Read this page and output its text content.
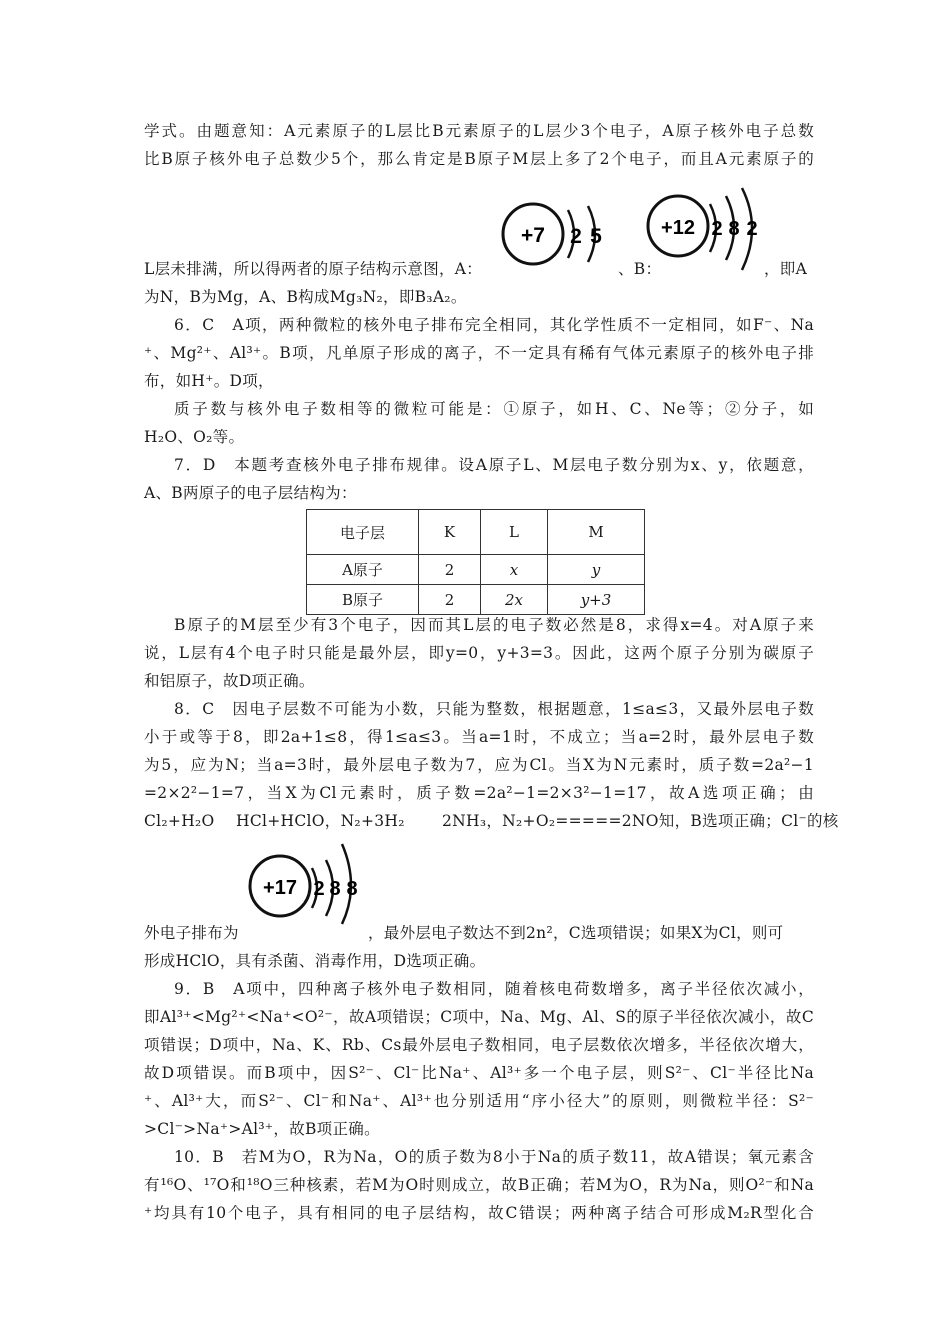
学式。由题意知：A元素原子的L层比B元素原子的L层少3个电子，A原子核外电子总数
比B原子核外电子总数少5个，那么肯定是B原子M层上多了2个电子，而且A元素原子的
+7 2 5	+12 2 8 2
L层未排满，所以得两者的原子结构示意图，A：	、B：	，即A
为N，B为Mg，A、B构成Mg₃N₂，即B₃A₂。
6．C　A项，两种微粒的核外电子排布完全相同，其化学性质不一定相同，如F⁻、Na
⁺、Mg²⁺、Al³⁺。B项，凡单原子形成的离子，不一定具有稀有气体元素原子的核外电子排
布，如H⁺。D项，
质子数与核外电子数相等的微粒可能是：①原子，如H、C、Ne等；②分子，如
H₂O、O₂等。
7．D　本题考查核外电子排布规律。设A原子L、M层电子数分别为x、y，依题意，
A、B两原子的电子层结构为：
电子层	K	L	M
A原子	2	x	y
B原子	2	2x	y+3
B原子的M层至少有3个电子，因而其L层的电子数必然是8，求得x=4。对A原子来
说，L层有4个电子时只能是最外层，即y=0，y+3=3。因此，这两个原子分别为碳原子
和铝原子，故D项正确。
8．C　因电子层数不可能为小数，只能为整数，根据题意，1≤a≤3，又最外层电子数
小于或等于8，即2a+1≤8，得1≤a≤3。当a=1时，不成立；当a=2时，最外层电子数
为5，应为N；当a=3时，最外层电子数为7，应为Cl。当X为N元素时，质子数=2a²−1
=2×2²−1=7，当X为Cl元素时，质子数=2a²−1=2×3²−1=17，故A选项正确；由
Cl₂+H₂O HCl+HClO，N₂+3H₂ 2NH₃，N₂+O₂=====2NO知，B选项正确；Cl⁻的核
+17 2 8 8
外电子排布为	，最外层电子数达不到2n²，C选项错误；如果X为Cl，则可
形成HClO，具有杀菌、消毒作用，D选项正确。
9．B　A项中，四种离子核外电子数相同，随着核电荷数增多，离子半径依次减小，
即Al³⁺<Mg²⁺<Na⁺<O²⁻，故A项错误；C项中，Na、Mg、Al、S的原子半径依次减小，故C
项错误；D项中，Na、K、Rb、Cs最外层电子数相同，电子层数依次增多，半径依次增大，
故D项错误。而B项中，因S²⁻、Cl⁻比Na⁺、Al³⁺多一个电子层，则S²⁻、Cl⁻半径比Na
⁺、Al³⁺大，而S²⁻、Cl⁻和Na⁺、Al³⁺也分别适用“序小径大”的原则，则微粒半径：S²⁻
>Cl⁻>Na⁺>Al³⁺，故B项正确。
10．B　若M为O，R为Na，O的质子数为8小于Na的质子数11，故A错误；氧元素含
有¹⁶O、¹⁷O和¹⁸O三种核素，若M为O时则成立，故B正确；若M为O，R为Na，则O²⁻和Na
⁺均具有10个电子，具有相同的电子层结构，故C错误；两种离子结合可形成M₂R型化合
